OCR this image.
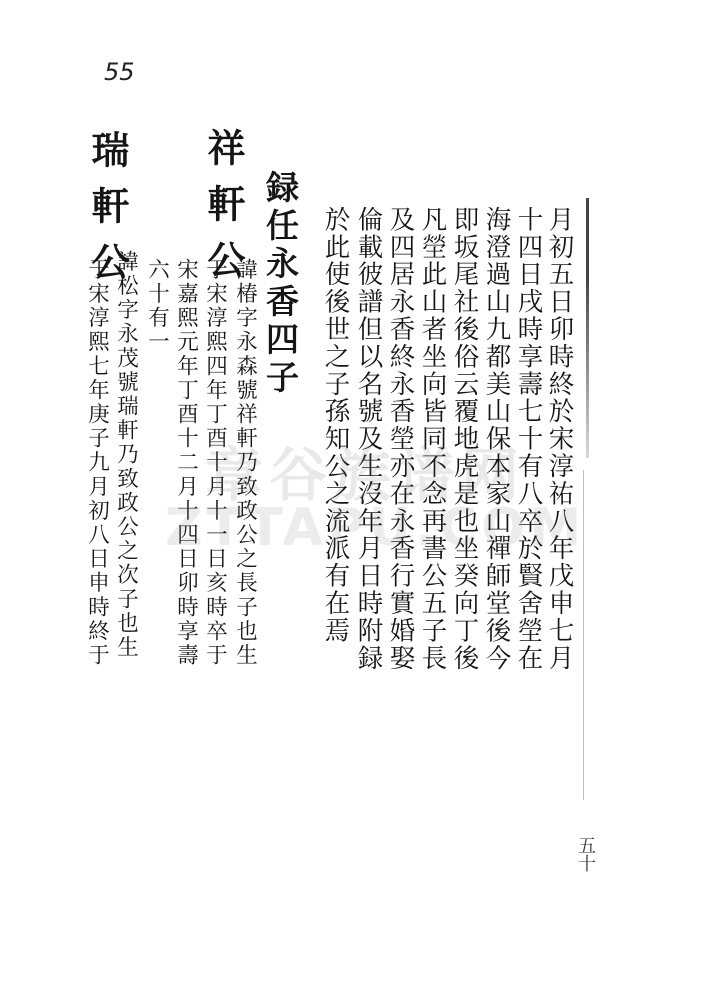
55
月初五日卯時終於宋淳祐八年戊申七月
十四日戌時享壽七十有八卒於賢舍塋在
海澄過山九都美山保本家山禪師堂後今
即坂尾社後俗云覆地虎是也坐癸向丁後
凡塋此山者坐向皆同不念再書公五子長
及四居永香終永香塋亦在永香行實婚娶
倫載彼譜但以名號及生沒年月日時附録
於此使後世之子孫知公之流派有在焉
録任永香四子
祥軒公
諱椿字永森號祥軒乃致政公之長子也生
于宋淳熙四年丁酉十月十一日亥時卒于
宋嘉熙元年丁酉十二月十四日卯時享壽
六十有一
瑞軒公
諱松字永茂號瑞軒乃致政公之次子也生
于宋淳熙七年庚子九月初八日申時終于
五十
章谷族谱网
ZTTAPU.COM
